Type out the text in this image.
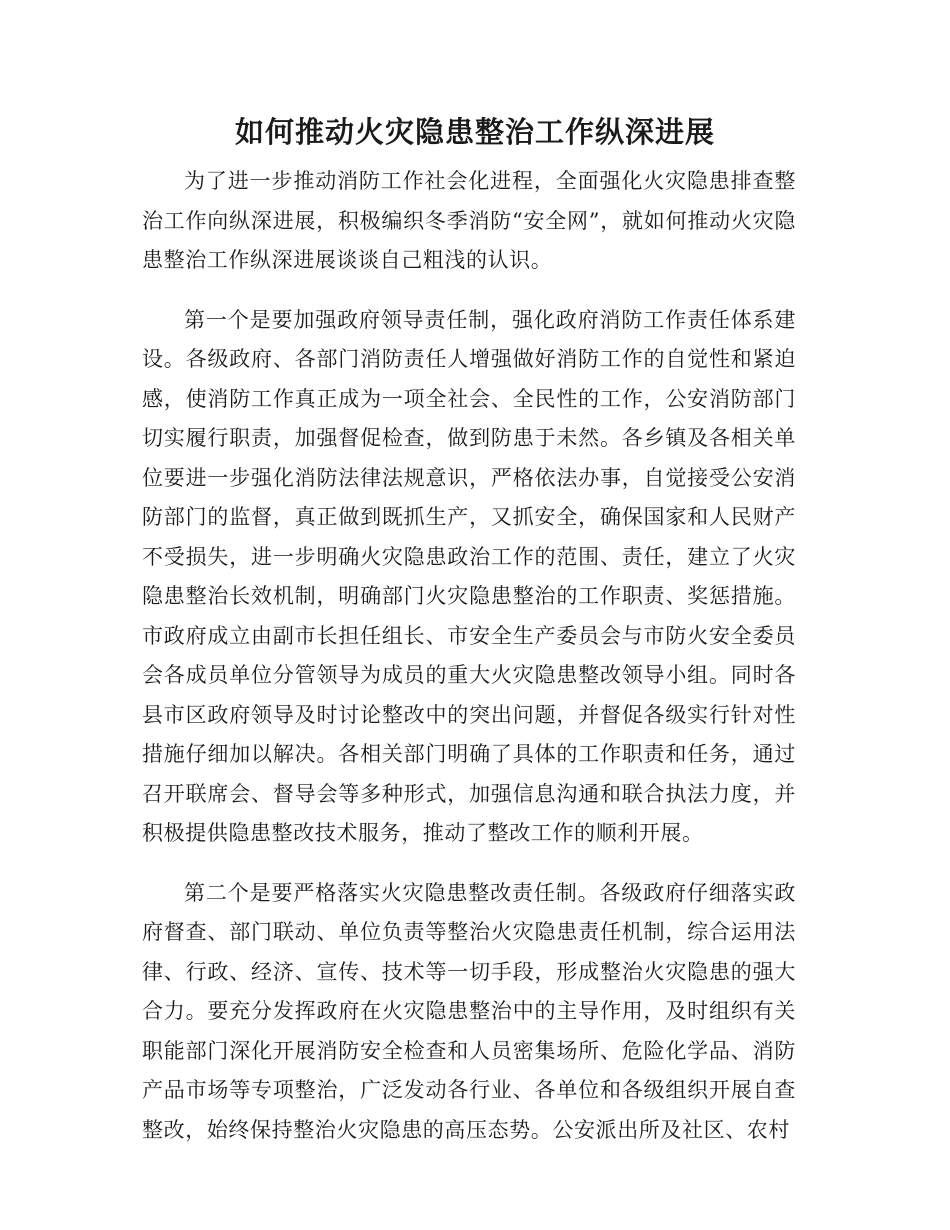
如何推动火灾隐患整治工作纵深进展

为了进一步推动消防工作社会化进程，全面强化火灾隐患排查整治工作向纵深进展，积极编织冬季消防“安全网”，就如何推动火灾隐患整治工作纵深进展谈谈自己粗浅的认识。

第一个是要加强政府领导责任制，强化政府消防工作责任体系建设。各级政府、各部门消防责任人增强做好消防工作的自觉性和紧迫感，使消防工作真正成为一项全社会、全民性的工作，公安消防部门切实履行职责，加强督促检查，做到防患于未然。各乡镇及各相关单位要进一步强化消防法律法规意识，严格依法办事，自觉接受公安消防部门的监督，真正做到既抓生产，又抓安全，确保国家和人民财产不受损失，进一步明确火灾隐患政治工作的范围、责任，建立了火灾隐患整治长效机制，明确部门火灾隐患整治的工作职责、奖惩措施。市政府成立由副市长担任组长、市安全生产委员会与市防火安全委员会各成员单位分管领导为成员的重大火灾隐患整改领导小组。同时各县市区政府领导及时讨论整改中的突出问题，并督促各级实行针对性措施仔细加以解决。各相关部门明确了具体的工作职责和任务，通过召开联席会、督导会等多种形式，加强信息沟通和联合执法力度，并积极提供隐患整改技术服务，推动了整改工作的顺利开展。

第二个是要严格落实火灾隐患整改责任制。各级政府仔细落实政府督查、部门联动、单位负责等整治火灾隐患责任机制，综合运用法律、行政、经济、宣传、技术等一切手段，形成整治火灾隐患的强大合力。要充分发挥政府在火灾隐患整治中的主导作用，及时组织有关职能部门深化开展消防安全检查和人员密集场所、危险化学品、消防产品市场等专项整治，广泛发动各行业、各单位和各级组织开展自查整改，始终保持整治火灾隐患的高压态势。公安派出所及社区、农村
